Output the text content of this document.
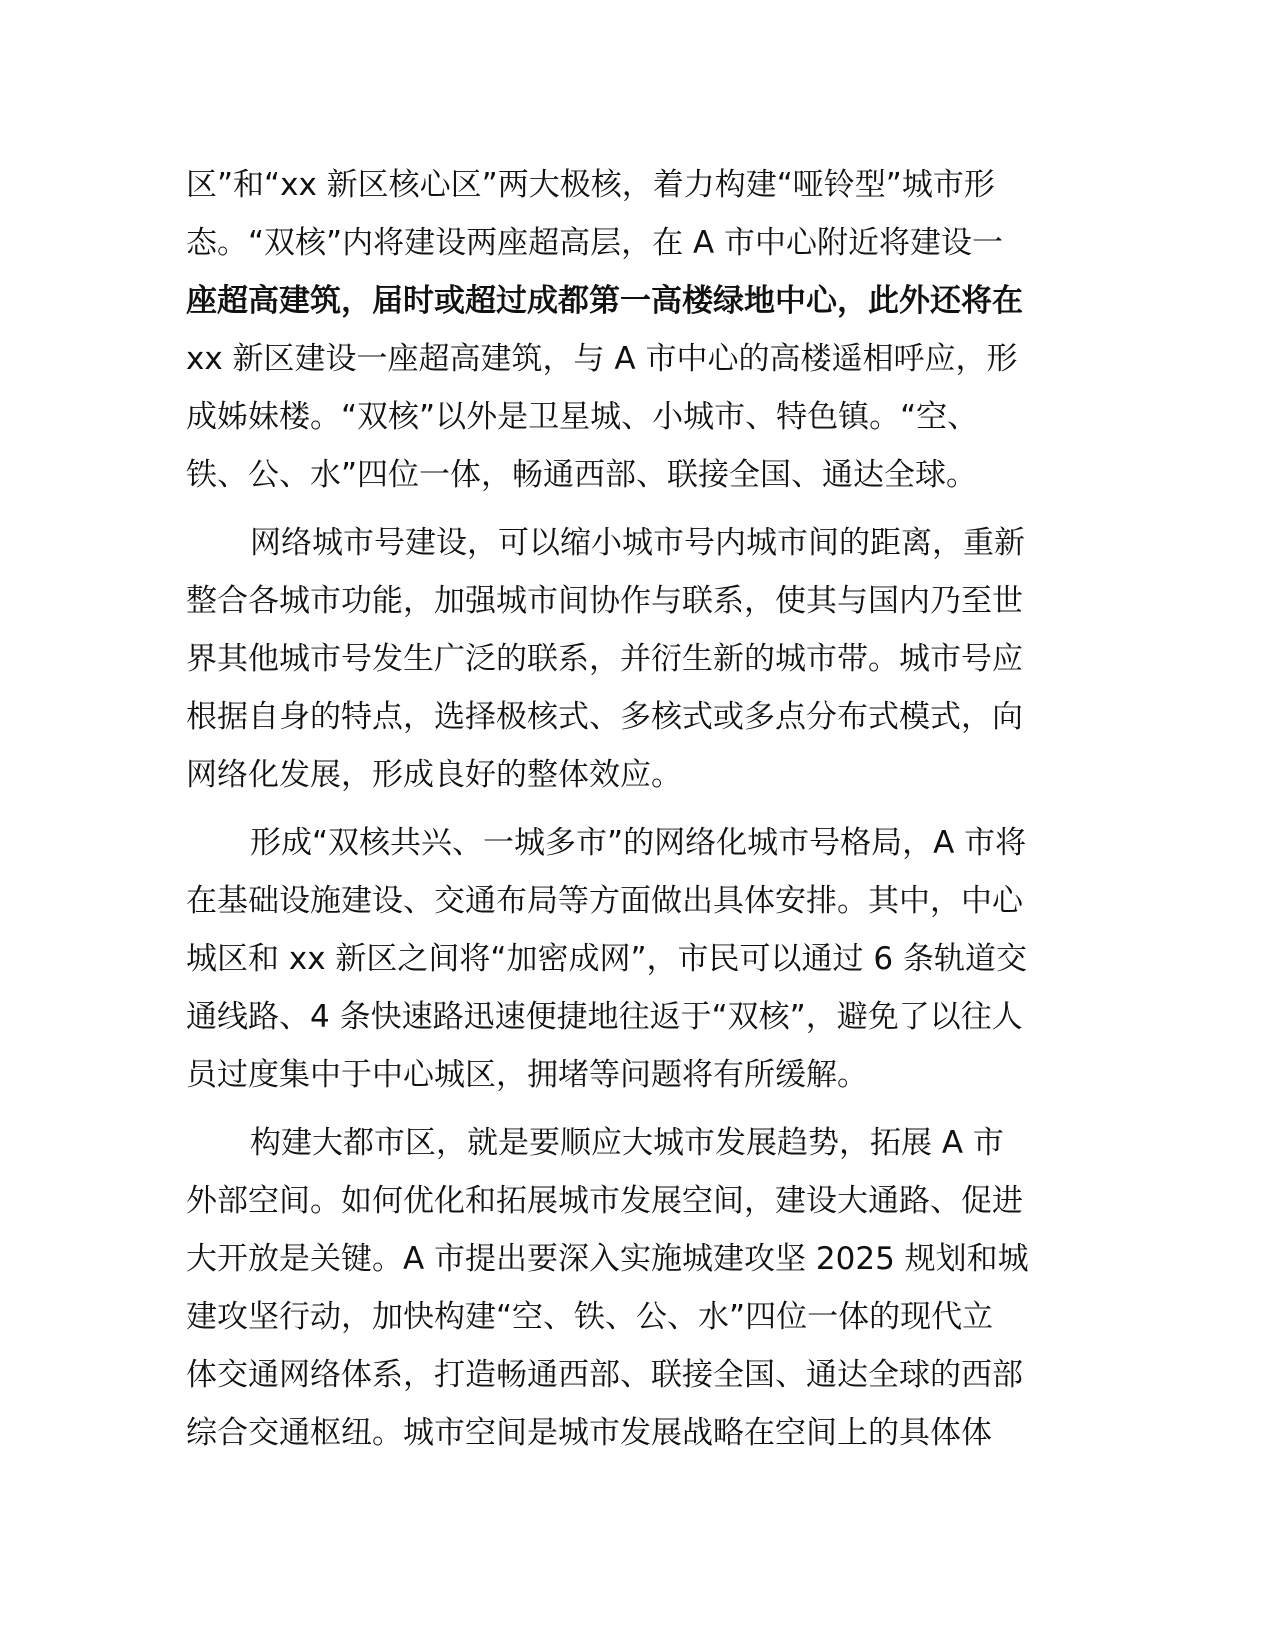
区”和“xx 新区核心区”两大极核，着力构建“哑铃型”城市形
态。“双核”内将建设两座超高层，在 A 市中心附近将建设一
座超高建筑，届时或超过成都第一高楼绿地中心，此外还将在
xx 新区建设一座超高建筑，与 A 市中心的高楼遥相呼应，形
成姊妹楼。“双核”以外是卫星城、小城市、特色镇。“空、
铁、公、水”四位一体，畅通西部、联接全国、通达全球。

网络城市号建设，可以缩小城市号内城市间的距离，重新
整合各城市功能，加强城市间协作与联系，使其与国内乃至世
界其他城市号发生广泛的联系，并衍生新的城市带。城市号应
根据自身的特点，选择极核式、多核式或多点分布式模式，向
网络化发展，形成良好的整体效应。

形成“双核共兴、一城多市”的网络化城市号格局，A 市将
在基础设施建设、交通布局等方面做出具体安排。其中，中心
城区和 xx 新区之间将“加密成网”，市民可以通过 6 条轨道交
通线路、4 条快速路迅速便捷地往返于“双核”，避免了以往人
员过度集中于中心城区，拥堵等问题将有所缓解。

构建大都市区，就是要顺应大城市发展趋势，拓展 A 市
外部空间。如何优化和拓展城市发展空间，建设大通路、促进
大开放是关键。A 市提出要深入实施城建攻坚 2025 规划和城
建攻坚行动，加快构建“空、铁、公、水”四位一体的现代立
体交通网络体系，打造畅通西部、联接全国、通达全球的西部
综合交通枢纽。城市空间是城市发展战略在空间上的具体体
